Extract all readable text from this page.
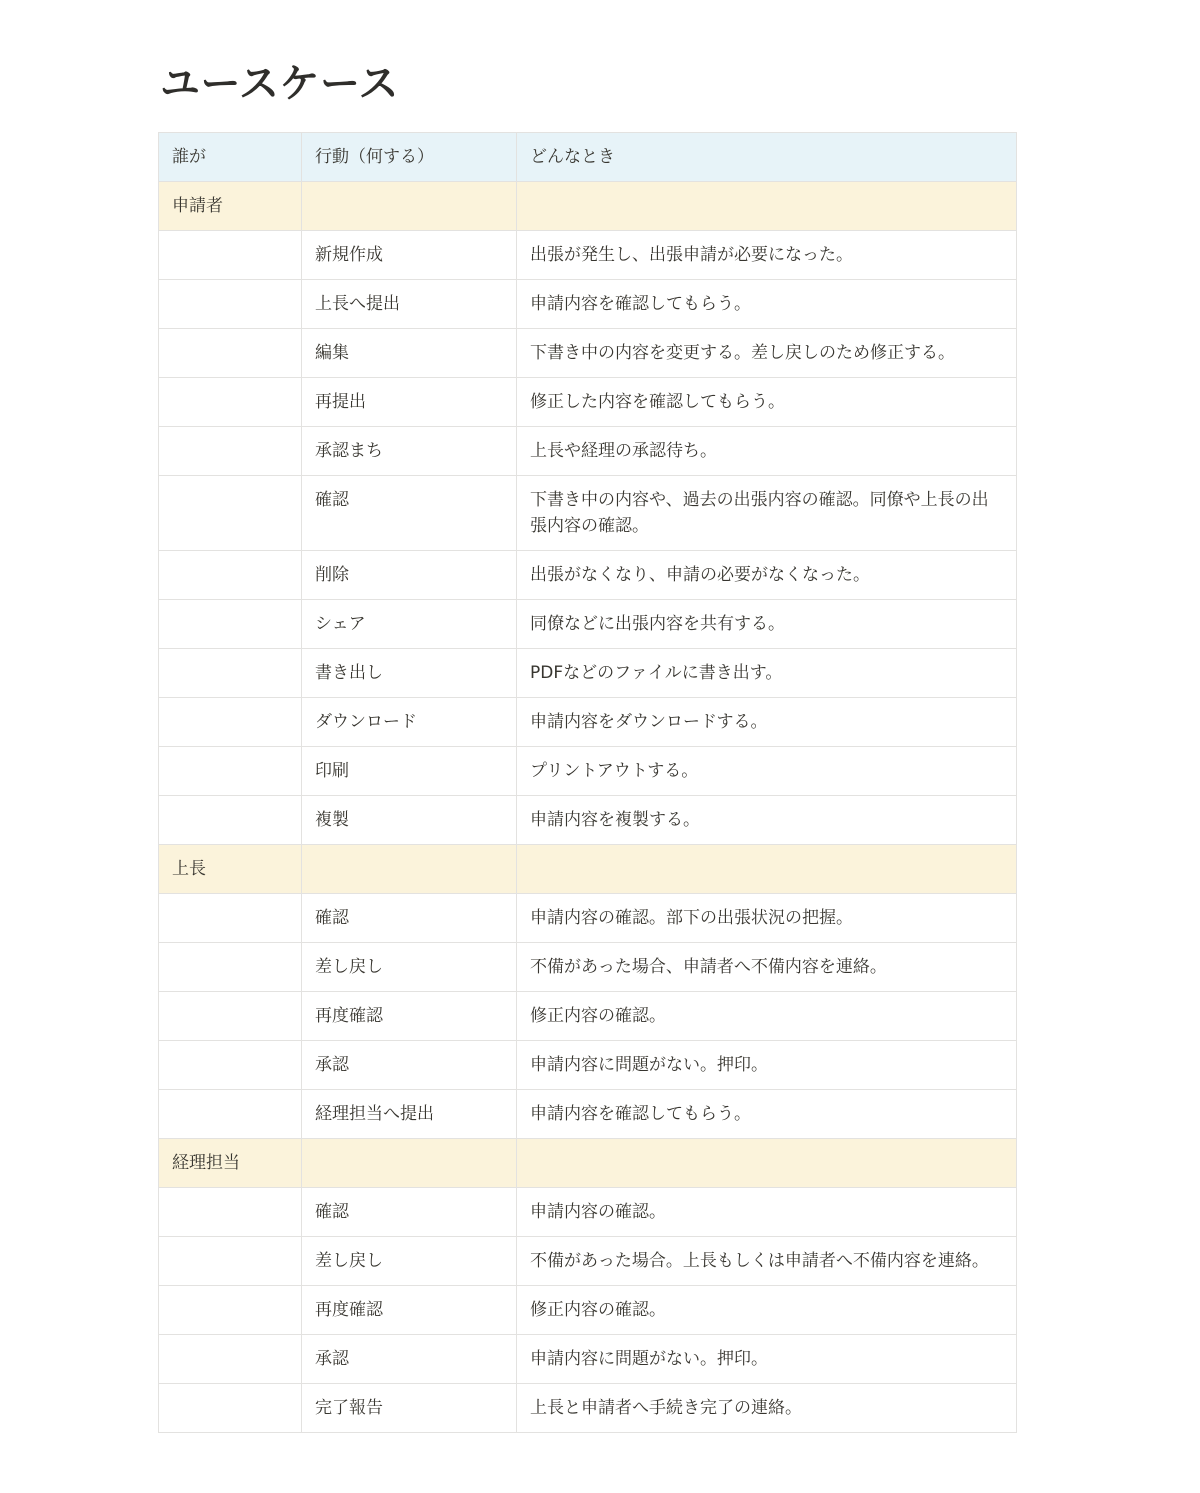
ユースケース
誰が	行動（何する）	どんなとき
申請者		
	新規作成	出張が発生し、出張申請が必要になった。
	上長へ提出	申請内容を確認してもらう。
	編集	下書き中の内容を変更する。差し戻しのため修正する。
	再提出	修正した内容を確認してもらう。
	承認まち	上長や経理の承認待ち。
	確認	下書き中の内容や、過去の出張内容の確認。同僚や上長の出張内容の確認。
	削除	出張がなくなり、申請の必要がなくなった。
	シェア	同僚などに出張内容を共有する。
	書き出し	PDFなどのファイルに書き出す。
	ダウンロード	申請内容をダウンロードする。
	印刷	プリントアウトする。
	複製	申請内容を複製する。
上長		
	確認	申請内容の確認。部下の出張状況の把握。
	差し戻し	不備があった場合、申請者へ不備内容を連絡。
	再度確認	修正内容の確認。
	承認	申請内容に問題がない。押印。
	経理担当へ提出	申請内容を確認してもらう。
経理担当		
	確認	申請内容の確認。
	差し戻し	不備があった場合。上長もしくは申請者へ不備内容を連絡。
	再度確認	修正内容の確認。
	承認	申請内容に問題がない。押印。
	完了報告	上長と申請者へ手続き完了の連絡。
